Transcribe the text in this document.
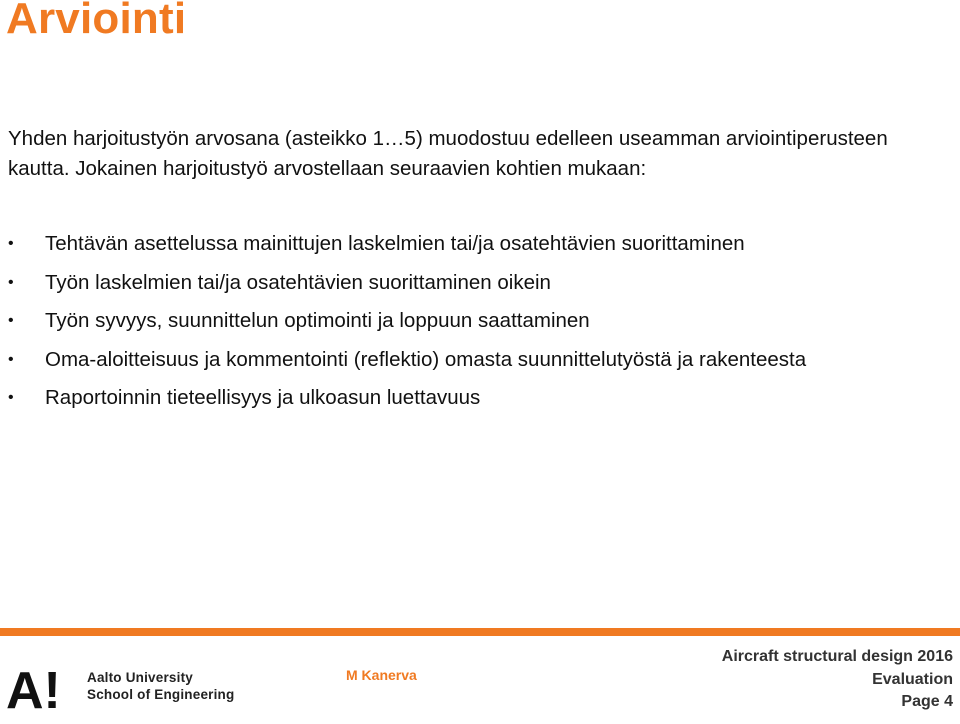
Arviointi

Yhden harjoitustyön arvosana (asteikko 1…5) muodostuu edelleen useamman arviointiperusteen kautta. Jokainen harjoitustyö arvostellaan seuraavien kohtien mukaan:

• Tehtävän asettelussa mainittujen laskelmien tai/ja osatehtävien suorittaminen
• Työn laskelmien tai/ja osatehtävien suorittaminen oikein
• Työn syvyys, suunnittelun optimointi ja loppuun saattaminen
• Oma-aloitteisuus ja kommentointi (reflektio) omasta suunnittelutyöstä ja rakenteesta
• Raportoinnin tieteellisyys ja ulkoasun luettavuus
A! Aalto University
School of Engineering
M Kanerva
Aircraft structural design 2016
Evaluation
Page 4
